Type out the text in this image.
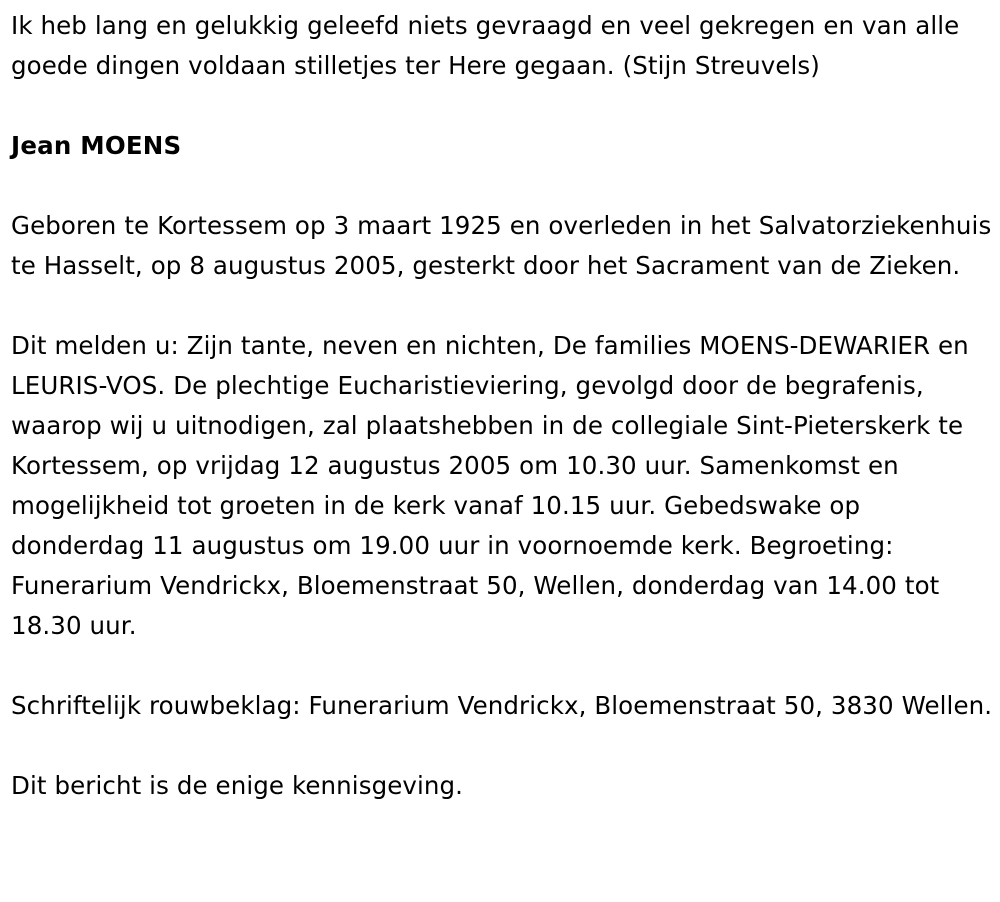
Ik heb lang en gelukkig geleefd niets gevraagd en veel gekregen en van alle goede dingen voldaan stilletjes ter Here gegaan. (Stijn Streuvels)

Jean MOENS

Geboren te Kortessem op 3 maart 1925 en overleden in het Salvatorziekenhuis te Hasselt, op 8 augustus 2005, gesterkt door het Sacrament van de Zieken.

Dit melden u: Zijn tante, neven en nichten, De families MOENS-DEWARIER en LEURIS-VOS. De plechtige Eucharistieviering, gevolgd door de begrafenis, waarop wij u uitnodigen, zal plaatshebben in de collegiale Sint-Pieterskerk te Kortessem, op vrijdag 12 augustus 2005 om 10.30 uur. Samenkomst en mogelijkheid tot groeten in de kerk vanaf 10.15 uur. Gebedswake op donderdag 11 augustus om 19.00 uur in voornoemde kerk. Begroeting: Funerarium Vendrickx, Bloemenstraat 50, Wellen, donderdag van 14.00 tot 18.30 uur.

Schriftelijk rouwbeklag: Funerarium Vendrickx, Bloemenstraat 50, 3830 Wellen.

Dit bericht is de enige kennisgeving.
